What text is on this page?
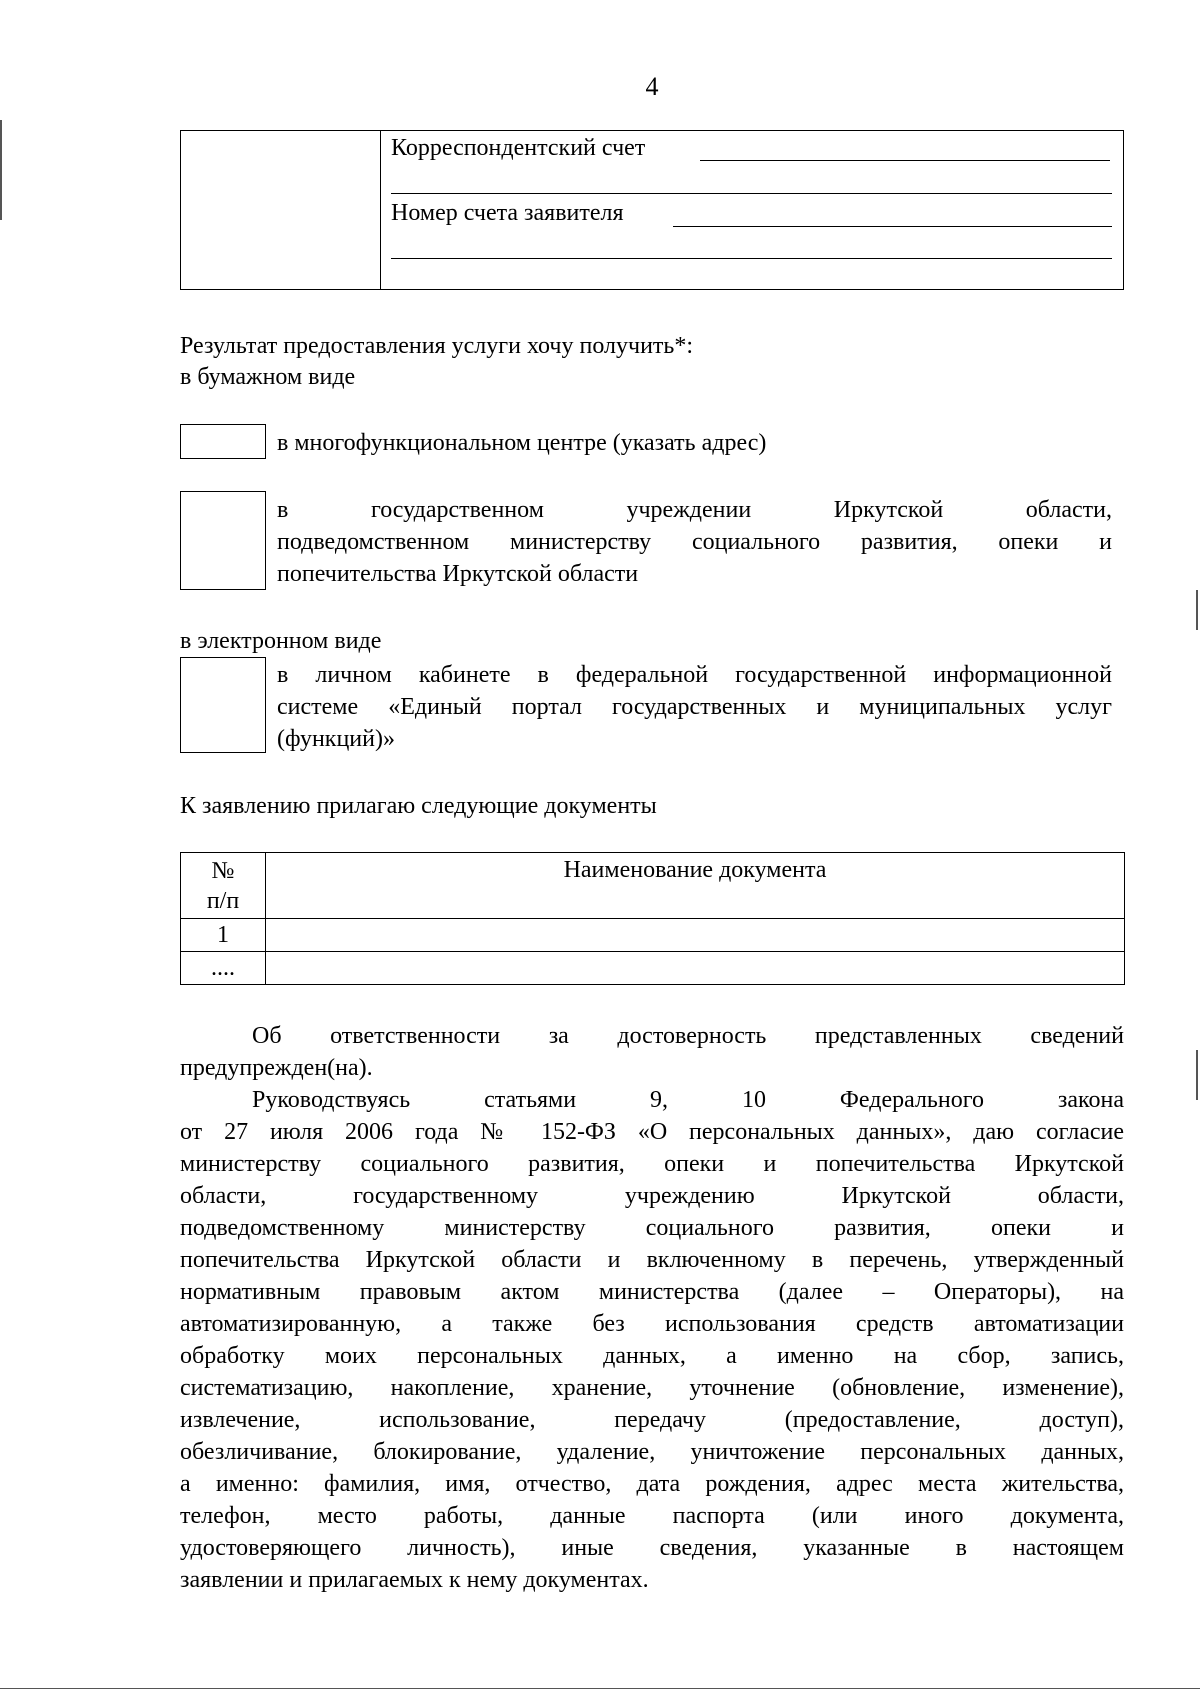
4
Корреспондентский счет
Номер счета заявителя
Результат предоставления услуги хочу получить*:
в бумажном виде
в многофункциональном центре (указать адрес)
в государственном учреждении Иркутской области,
подведомственном министерству социального развития, опеки и
попечительства Иркутской области
в электронном виде
в личном кабинете в федеральной государственной информационной
системе «Единый портал государственных и муниципальных услуг
(функций)»
К заявлению прилагаю следующие документы
№
п/п	Наименование документа
1	
....	
Об ответственности за достоверность представленных сведений
предупрежден(на).
Руководствуясь статьями 9, 10 Федерального закона
от 27 июля 2006 года № 152-ФЗ «О персональных данных», даю согласие
министерству социального развития, опеки и попечительства Иркутской
области, государственному учреждению Иркутской области,
подведомственному министерству социального развития, опеки и
попечительства Иркутской области и включенному в перечень, утвержденный
нормативным правовым актом министерства (далее – Операторы), на
автоматизированную, а также без использования средств автоматизации
обработку моих персональных данных, а именно на сбор, запись,
систематизацию, накопление, хранение, уточнение (обновление, изменение),
извлечение, использование, передачу (предоставление, доступ),
обезличивание, блокирование, удаление, уничтожение персональных данных,
а именно: фамилия, имя, отчество, дата рождения, адрес места жительства,
телефон, место работы, данные паспорта (или иного документа,
удостоверяющего личность), иные сведения, указанные в настоящем
заявлении и прилагаемых к нему документах.
